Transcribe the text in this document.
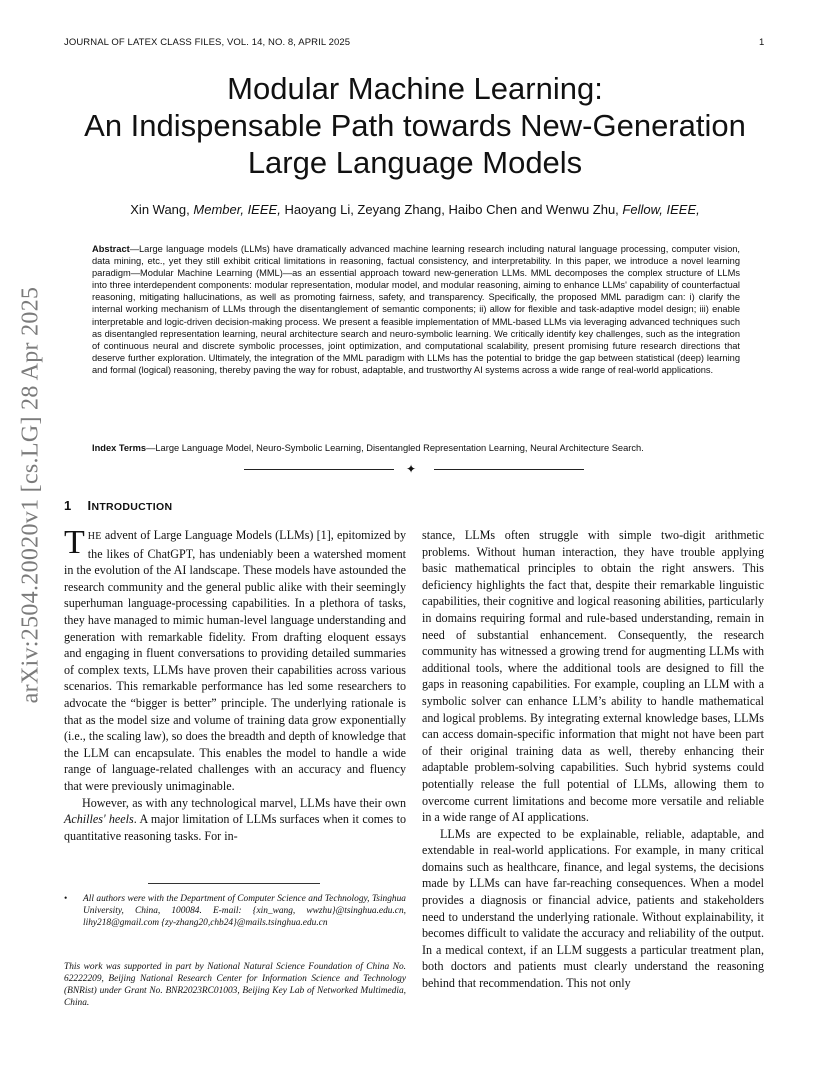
JOURNAL OF LATEX CLASS FILES, VOL. 14, NO. 8, APRIL 2025	1
arXiv:2504.20020v1 [cs.LG] 28 Apr 2025
Modular Machine Learning:
An Indispensable Path towards New-Generation
Large Language Models
Xin Wang, Member, IEEE, Haoyang Li, Zeyang Zhang, Haibo Chen and Wenwu Zhu, Fellow, IEEE,
Abstract—Large language models (LLMs) have dramatically advanced machine learning research including natural language processing, computer vision, data mining, etc., yet they still exhibit critical limitations in reasoning, factual consistency, and interpretability. In this paper, we introduce a novel learning paradigm—Modular Machine Learning (MML)—as an essential approach toward new-generation LLMs. MML decomposes the complex structure of LLMs into three interdependent components: modular representation, modular model, and modular reasoning, aiming to enhance LLMs' capability of counterfactual reasoning, mitigating hallucinations, as well as promoting fairness, safety, and transparency. Specifically, the proposed MML paradigm can: i) clarify the internal working mechanism of LLMs through the disentanglement of semantic components; ii) allow for flexible and task-adaptive model design; iii) enable interpretable and logic-driven decision-making process. We present a feasible implementation of MML-based LLMs via leveraging advanced techniques such as disentangled representation learning, neural architecture search and neuro-symbolic learning. We critically identify key challenges, such as the integration of continuous neural and discrete symbolic processes, joint optimization, and computational scalability, present promising future research directions that deserve further exploration. Ultimately, the integration of the MML paradigm with LLMs has the potential to bridge the gap between statistical (deep) learning and formal (logical) reasoning, thereby paving the way for robust, adaptable, and trustworthy AI systems across a wide range of real-world applications.
Index Terms—Large Language Model, Neuro-Symbolic Learning, Disentangled Representation Learning, Neural Architecture Search.
✦
1 INTRODUCTION

THE advent of Large Language Models (LLMs) [1], epitomized by the likes of ChatGPT, has undeniably been a watershed moment in the evolution of the AI landscape. These models have astounded the research community and the general public alike with their seemingly superhuman language-processing capabilities. In a plethora of tasks, they have managed to mimic human-level language understanding and generation with remarkable fidelity. From drafting eloquent essays and engaging in fluent conversations to providing detailed summaries of complex texts, LLMs have proven their capabilities across various scenarios. This remarkable performance has led some researchers to advocate the “bigger is better” principle. The underlying rationale is that as the model size and volume of training data grow exponentially (i.e., the scaling law), so does the breadth and depth of knowledge that the LLM can encapsulate. This enables the model to handle a wide range of language-related challenges with an accuracy and fluency that were previously unimaginable.

However, as with any technological marvel, LLMs have their own Achilles' heels. A major limitation of LLMs surfaces when it comes to quantitative reasoning tasks. For in-

stance, LLMs often struggle with simple two-digit arithmetic problems. Without human interaction, they have trouble applying basic mathematical principles to obtain the right answers. This deficiency highlights the fact that, despite their remarkable linguistic capabilities, their cognitive and logical reasoning abilities, particularly in domains requiring formal and rule-based understanding, remain in need of substantial enhancement. Consequently, the research community has witnessed a growing trend for augmenting LLMs with additional tools, where the additional tools are designed to fill the gaps in reasoning capabilities. For example, coupling an LLM with a symbolic solver can enhance LLM’s ability to handle mathematical and logical problems. By integrating external knowledge bases, LLMs can access domain-specific information that might not have been part of their original training data as well, thereby enhancing their adaptable problem-solving capabilities. Such hybrid systems could potentially release the full potential of LLMs, allowing them to overcome current limitations and become more versatile and reliable in a wide range of AI applications.

LLMs are expected to be explainable, reliable, adaptable, and extendable in real-world applications. For example, in many critical domains such as healthcare, finance, and legal systems, the decisions made by LLMs can have far-reaching consequences. When a model provides a diagnosis or financial advice, patients and stakeholders need to understand the underlying rationale. Without explainability, it becomes difficult to validate the accuracy and reliability of the output. In a medical context, if an LLM suggests a particular treatment plan, both doctors and patients must clearly understand the reasoning behind that recommendation. This not only

• All authors were with the Department of Computer Science and Technology, Tsinghua University, China, 100084. E-mail: {xin_wang, wwzhu}@tsinghua.edu.cn, lihy218@gmail.com {zy-zhang20,chb24}@mails.tsinghua.edu.cn
This work was supported in part by National Natural Science Foundation of China No. 62222209, Beijing National Research Center for Information Science and Technology (BNRist) under Grant No. BNR2023RC01003, Beijing Key Lab of Networked Multimedia, China.
